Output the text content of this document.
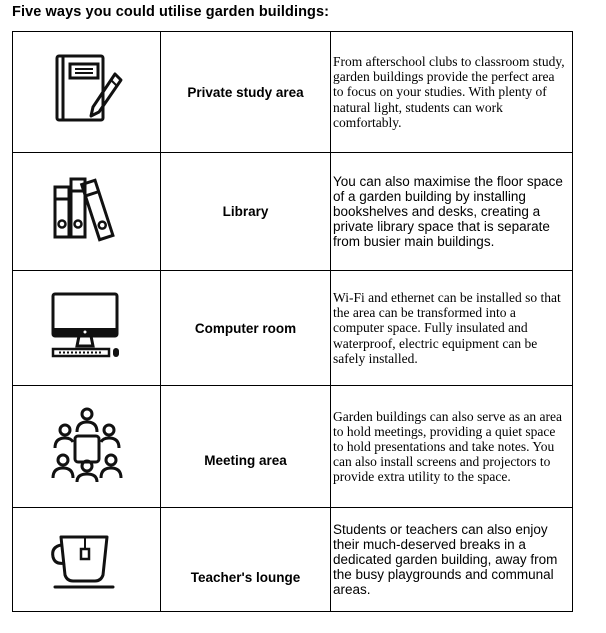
Five ways you could utilise garden buildings:

Private study area	From afterschool clubs to classroom study, garden buildings provide the perfect area to focus on your studies. With plenty of natural light, students can work comfortably.

Library	You can also maximise the floor space of a garden building by installing bookshelves and desks, creating a private library space that is separate from busier main buildings.

Computer room	Wi-Fi and ethernet can be installed so that the area can be transformed into a computer space. Fully insulated and waterproof, electric equipment can be safely installed.

Meeting area	Garden buildings can also serve as an area to hold meetings, providing a quiet space to hold presentations and take notes. You can also install screens and projectors to provide extra utility to the space.

Teacher's lounge	Students or teachers can also enjoy their much-deserved breaks in a dedicated garden building, away from the busy playgrounds and communal areas.
